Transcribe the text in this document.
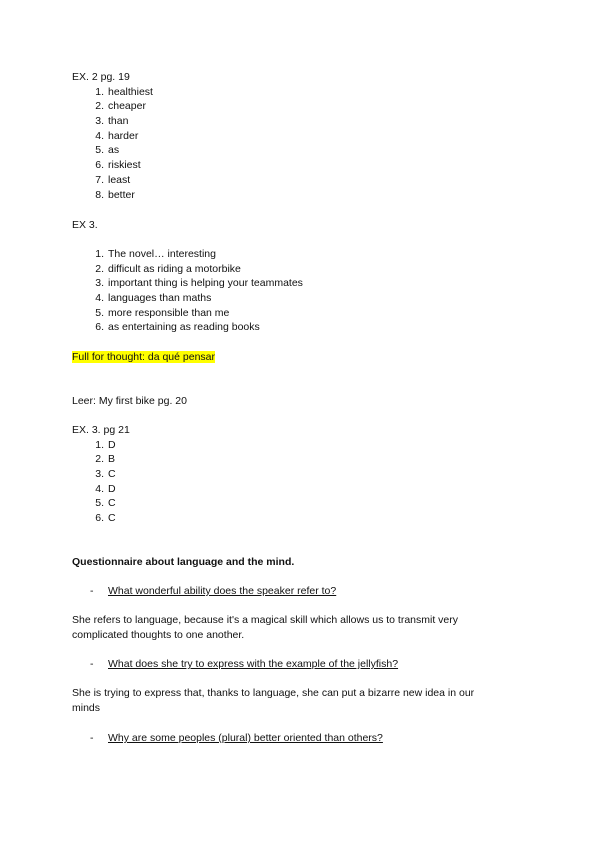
EX. 2 pg. 19
1. healthiest
2. cheaper
3. than
4. harder
5. as
6. riskiest
7. least
8. better
EX 3.
1. The novel… interesting
2. difficult as riding a motorbike
3. important thing is helping your teammates
4. languages than maths
5. more responsible than me
6. as entertaining as reading books
Full for thought: da qué pensar
Leer: My first bike pg. 20
EX. 3. pg 21
1. D
2. B
3. C
4. D
5. C
6. C
Questionnaire about language and the mind.
- What wonderful ability does the speaker refer to?
She refers to language, because it's a magical skill which allows us to transmit very
complicated thoughts to one another.
- What does she try to express with the example of the jellyfish?
She is trying to express that, thanks to language, she can put a bizarre new idea in our
minds
- Why are some peoples (plural) better oriented than others?
